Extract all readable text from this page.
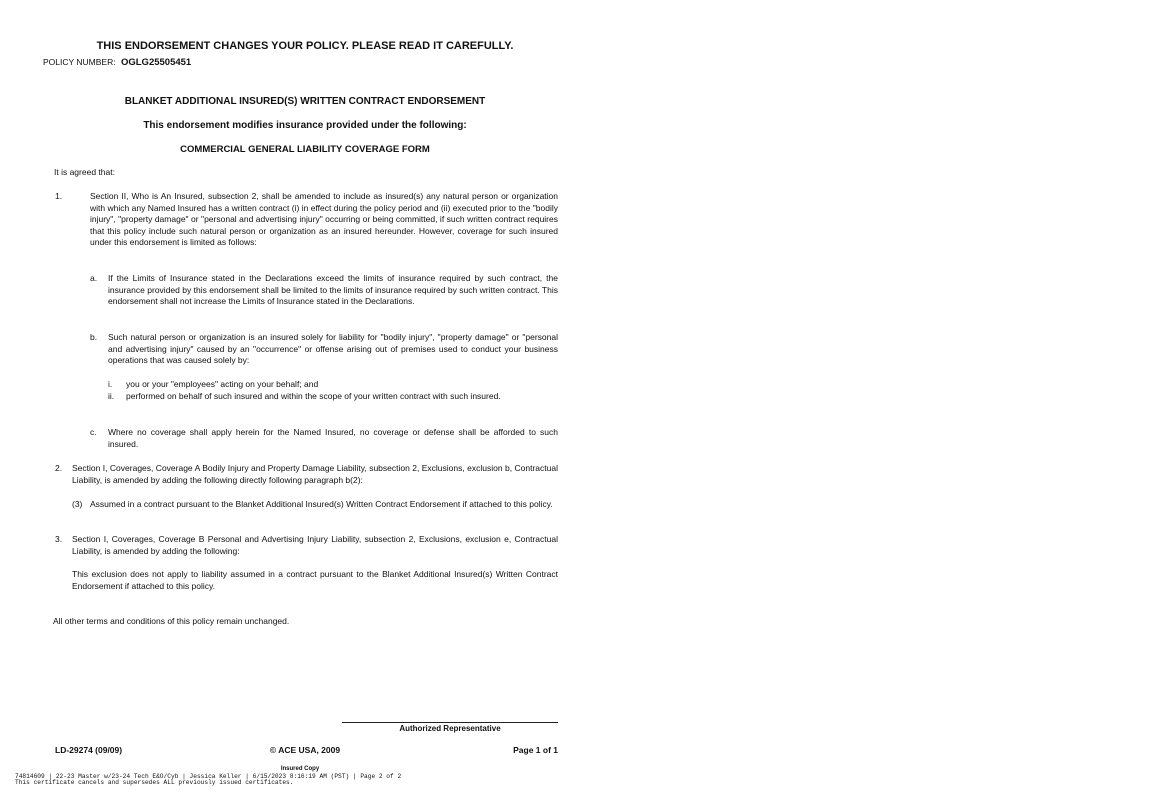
THIS ENDORSEMENT CHANGES YOUR POLICY. PLEASE READ IT CAREFULLY.
POLICY NUMBER: OGLG25505451
BLANKET ADDITIONAL INSURED(S) WRITTEN CONTRACT ENDORSEMENT
This endorsement modifies insurance provided under the following:
COMMERCIAL GENERAL LIABILITY COVERAGE FORM
It is agreed that:
1.	Section II, Who is An Insured, subsection 2, shall be amended to include as insured(s) any natural person or organization with which any Named Insured has a written contract (i) in effect during the policy period and (ii) executed prior to the "bodily injury", "property damage" or "personal and advertising injury" occurring or being committed, if such written contract requires that this policy include such natural person or organization as an insured hereunder. However, coverage for such insured under this endorsement is limited as follows:
a. If the Limits of Insurance stated in the Declarations exceed the limits of insurance required by such contract, the insurance provided by this endorsement shall be limited to the limits of insurance required by such written contract. This endorsement shall not increase the Limits of Insurance stated in the Declarations.
b. Such natural person or organization is an insured solely for liability for "bodily injury", "property damage" or "personal and advertising injury" caused by an "occurrence" or offense arising out of premises used to conduct your business operations that was caused solely by:
i. you or your "employees" acting on your behalf; and
ii. performed on behalf of such insured and within the scope of your written contract with such insured.
c. Where no coverage shall apply herein for the Named Insured, no coverage or defense shall be afforded to such insured.
2. Section I, Coverages, Coverage A Bodily Injury and Property Damage Liability, subsection 2, Exclusions, exclusion b, Contractual Liability, is amended by adding the following directly following paragraph b(2):
(3) Assumed in a contract pursuant to the Blanket Additional Insured(s) Written Contract Endorsement if attached to this policy.
3. Section I, Coverages, Coverage B Personal and Advertising Injury Liability, subsection 2, Exclusions, exclusion e, Contractual Liability, is amended by adding the following:
This exclusion does not apply to liability assumed in a contract pursuant to the Blanket Additional Insured(s) Written Contract Endorsement if attached to this policy.
All other terms and conditions of this policy remain unchanged.
Authorized Representative
LD-29274 (09/09)	© ACE USA, 2009	Page 1 of 1
Insured Copy
74814609 | 22-23 Master w/23-24 Tech E&O/Cyb | Jessica Keller | 6/15/2023 8:16:19 AM (PST) | Page 2 of 2
This certificate cancels and supersedes ALL previously issued certificates.
